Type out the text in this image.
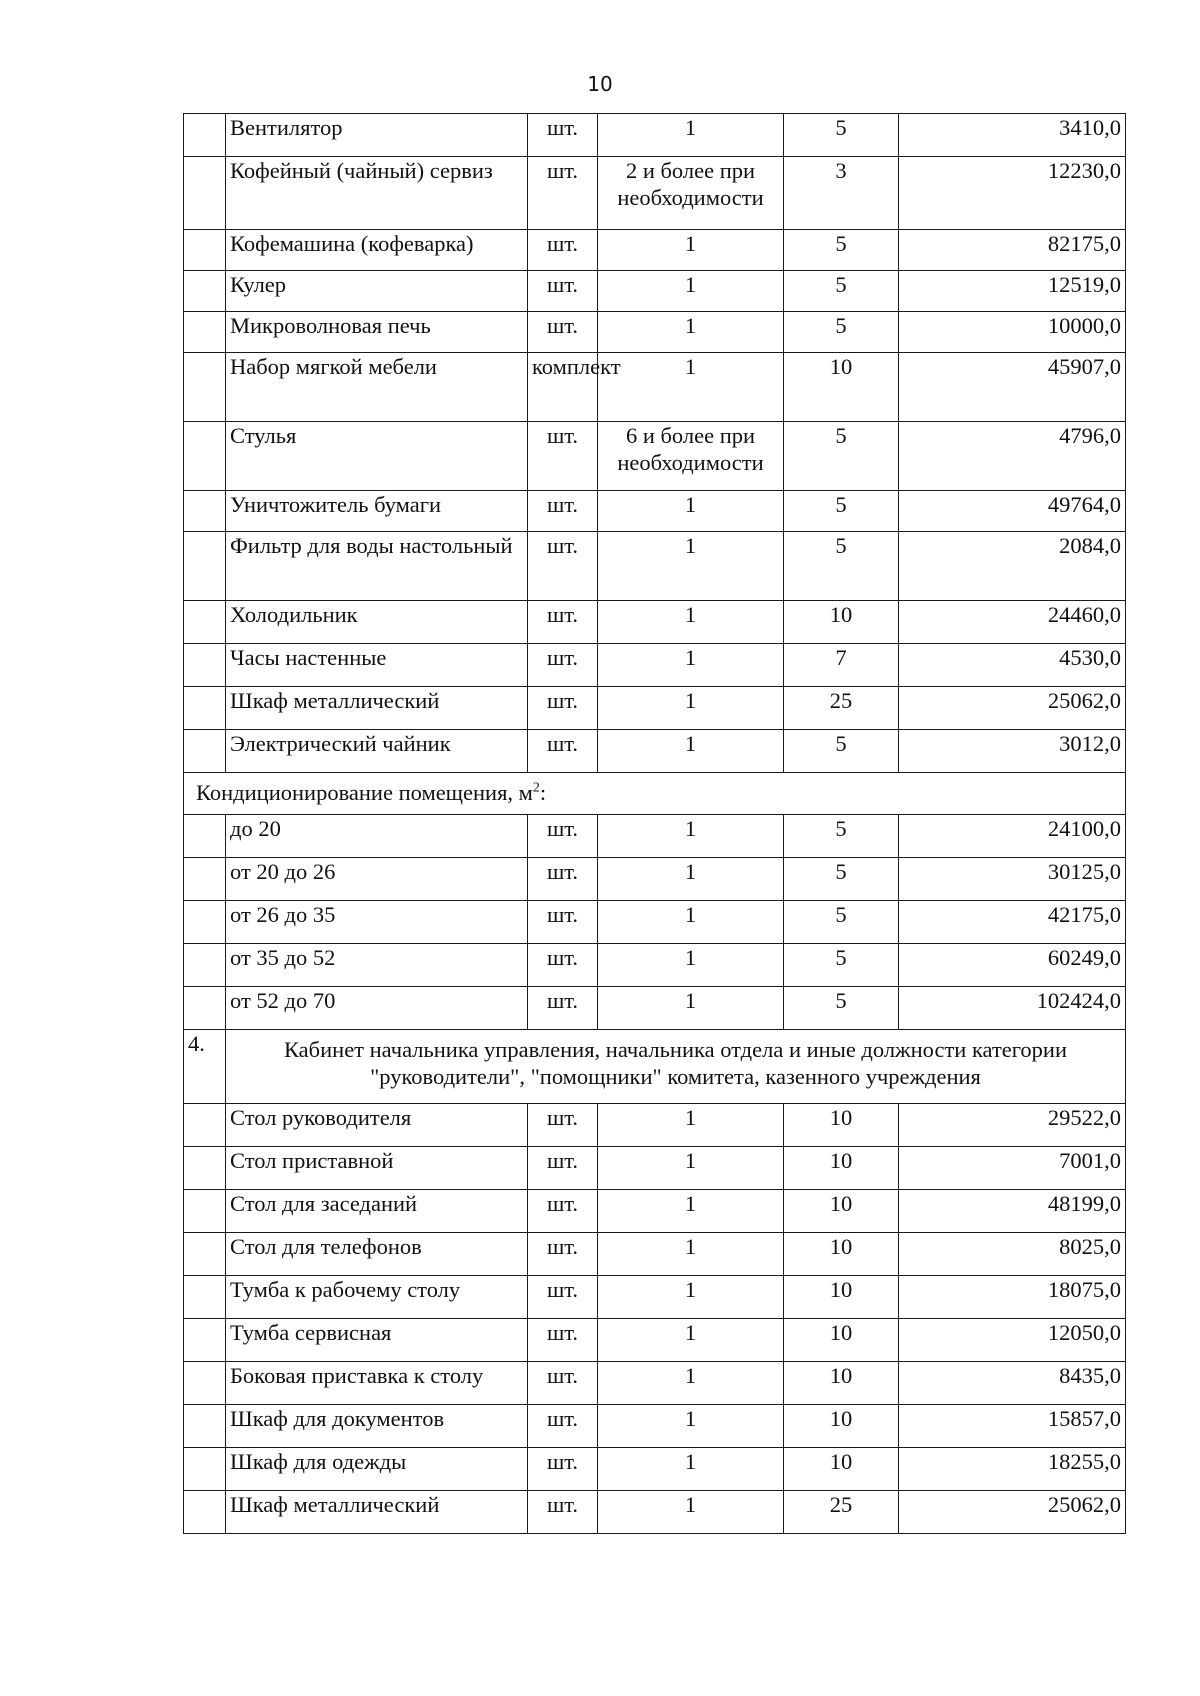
10
	Вентилятор	шт.	1	5	3410,0
	Кофейный (чайный) сервиз	шт.	2 и более при необходимости	3	12230,0
	Кофемашина (кофеварка)	шт.	1	5	82175,0
	Кулер	шт.	1	5	12519,0
	Микроволновая печь	шт.	1	5	10000,0
	Набор мягкой мебели	комплект	1	10	45907,0
	Стулья	шт.	6 и более при необходимости	5	4796,0
	Уничтожитель бумаги	шт.	1	5	49764,0
	Фильтр для воды настольный	шт.	1	5	2084,0
	Холодильник	шт.	1	10	24460,0
	Часы настенные	шт.	1	7	4530,0
	Шкаф металлический	шт.	1	25	25062,0
	Электрический чайник	шт.	1	5	3012,0
Кондиционирование помещения, $м^2$:					
	до 20	шт.	1	5	24100,0
	от 20 до 26	шт.	1	5	30125,0
	от 26 до 35	шт.	1	5	42175,0
	от 35 до 52	шт.	1	5	60249,0
	от 52 до 70	шт.	1	5	102424,0
4.	Кабинет начальника управления, начальника отдела и иные должности категории "руководители", "помощники" комитета, казенного учреждения				
	Стол руководителя	шт.	1	10	29522,0
	Стол приставной	шт.	1	10	7001,0
	Стол для заседаний	шт.	1	10	48199,0
	Стол для телефонов	шт.	1	10	8025,0
	Тумба к рабочему столу	шт.	1	10	18075,0
	Тумба сервисная	шт.	1	10	12050,0
	Боковая приставка к столу	шт.	1	10	8435,0
	Шкаф для документов	шт.	1	10	15857,0
	Шкаф для одежды	шт.	1	10	18255,0
	Шкаф металлический	шт.	1	25	25062,0
